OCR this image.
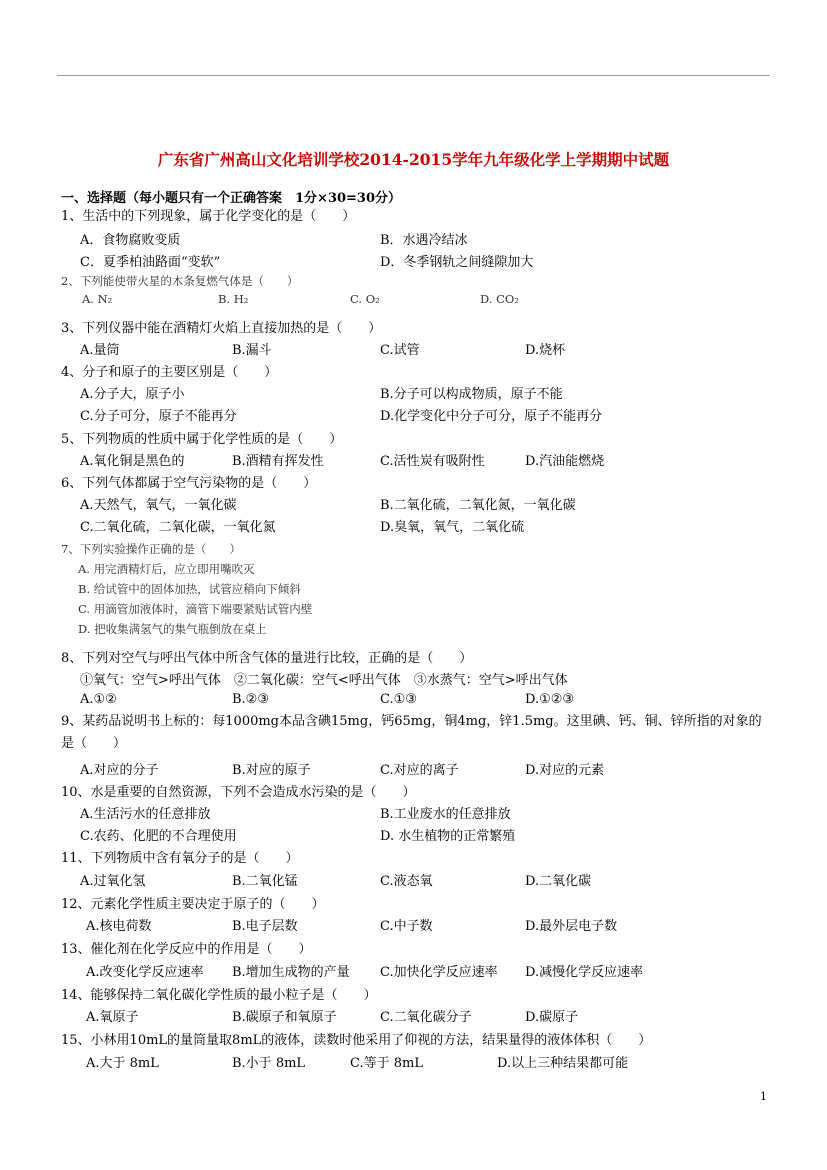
广东省广州高山文化培训学校2014-2015学年九年级化学上学期期中试题
一、选择题（每小题只有一个正确答案　1分×30=30分）
1、生活中的下列现象，属于化学变化的是（　　）
A．食物腐败变质	B．水遇冷结冰
C．夏季柏油路面“变软”	D．冬季钢轨之间缝隙加大
2、下列能使带火星的木条复燃气体是（　　）
A. N₂	B. H₂	C. O₂	D. CO₂
3、下列仪器中能在酒精灯火焰上直接加热的是（　　）
A.量筒	B.漏斗	C.试管	D.烧杯
4、分子和原子的主要区别是（　　）
A.分子大，原子小	B.分子可以构成物质，原子不能
C.分子可分，原子不能再分	D.化学变化中分子可分，原子不能再分
5、下列物质的性质中属于化学性质的是（　　）
A.氧化铜是黑色的	B.酒精有挥发性	C.活性炭有吸附性	D.汽油能燃烧
6、下列气体都属于空气污染物的是（　　）
A.天然气，氧气，一氧化碳	B.二氧化硫，二氧化氮，一氧化碳
C.二氧化硫，二氧化碳，一氧化氮	D.臭氧，氧气，二氧化硫
7、下列实验操作正确的是（　　）
A. 用完酒精灯后，应立即用嘴吹灭
B. 给试管中的固体加热，试管应稍向下倾斜
C. 用滴管加液体时，滴管下端要紧贴试管内壁
D. 把收集满氢气的集气瓶倒放在桌上
8、下列对空气与呼出气体中所含气体的量进行比较，正确的是（　　）
①氧气：空气>呼出气体　②二氧化碳：空气<呼出气体　③水蒸气：空气>呼出气体
A.①②	B.②③	C.①③	D.①②③
9、某药品说明书上标的：每1000mg本品含碘15mg，钙65mg，铜4mg，锌1.5mg。这里碘、钙、铜、锌所指的对象的是（　　）
A.对应的分子	B.对应的原子	C.对应的离子	D.对应的元素
10、水是重要的自然资源，下列不会造成水污染的是（　　）
A.生活污水的任意排放	B.工业废水的任意排放
C.农药、化肥的不合理使用	D. 水生植物的正常繁殖
11、下列物质中含有氧分子的是（　　）
A.过氧化氢	B.二氧化锰	C.液态氧	D.二氧化碳
12、元素化学性质主要决定于原子的（　　）
A.核电荷数	B.电子层数	C.中子数	D.最外层电子数
13、催化剂在化学反应中的作用是（　　）
A.改变化学反应速率 B.增加生成物的产量 C.加快化学反应速率 D.减慢化学反应速率
14、能够保持二氧化碳化学性质的最小粒子是（　　）
A.氧原子	B.碳原子和氧原子	C.二氧化碳分子	D.碳原子
15、小林用10mL的量筒量取8mL的液体，读数时他采用了仰视的方法，结果量得的液体体积（　　）
A.大于 8mL	B.小于 8mL	C.等于 8mL	D.以上三种结果都可能
1
